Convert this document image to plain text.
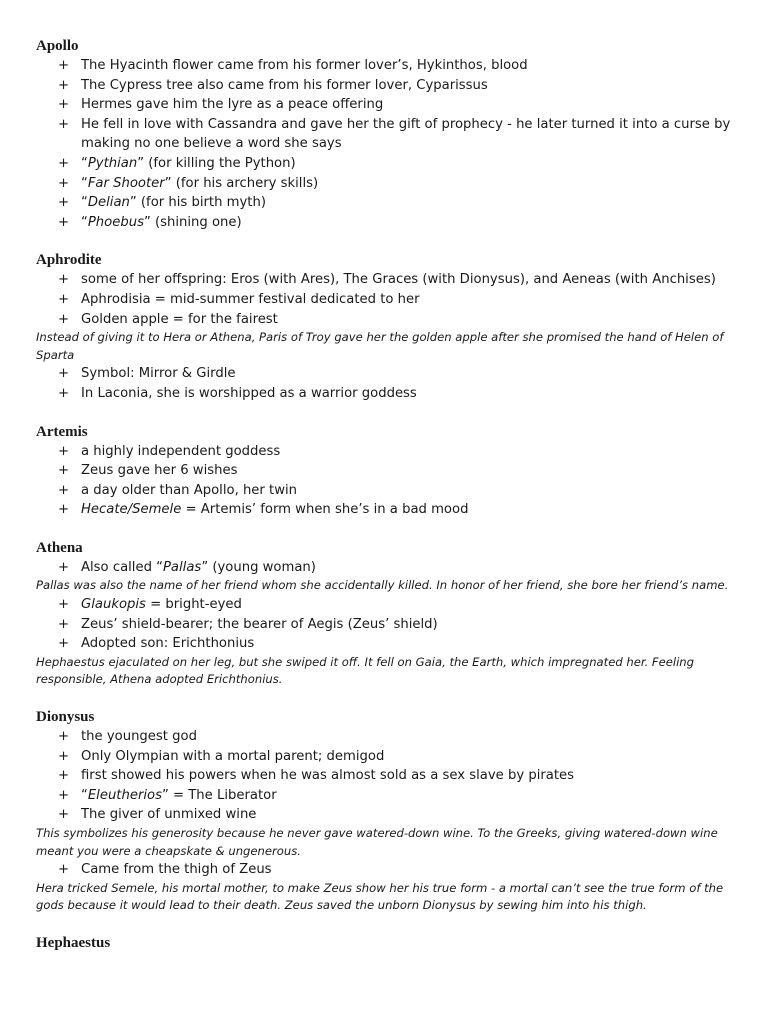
Apollo
+ The Hyacinth flower came from his former lover’s, Hykinthos, blood
+ The Cypress tree also came from his former lover, Cyparissus
+ Hermes gave him the lyre as a peace offering
+ He fell in love with Cassandra and gave her the gift of prophecy - he later turned it into a curse by making no one believe a word she says
+ “Pythian” (for killing the Python)
+ “Far Shooter” (for his archery skills)
+ “Delian” (for his birth myth)
+ “Phoebus” (shining one)
Aphrodite
+ some of her offspring: Eros (with Ares), The Graces (with Dionysus), and Aeneas (with Anchises)
+ Aphrodisia = mid-summer festival dedicated to her
+ Golden apple = for the fairest

Instead of giving it to Hera or Athena, Paris of Troy gave her the golden apple after she promised the hand of Helen of Sparta

+ Symbol: Mirror & Girdle
+ In Laconia, she is worshipped as a warrior goddess
Artemis
+ a highly independent goddess
+ Zeus gave her 6 wishes
+ a day older than Apollo, her twin
+ Hecate/Semele = Artemis’ form when she’s in a bad mood
Athena
+ Also called “Pallas” (young woman)

Pallas was also the name of her friend whom she accidentally killed. In honor of her friend, she bore her friend’s name.

+ Glaukopis = bright-eyed
+ Zeus’ shield-bearer; the bearer of Aegis (Zeus’ shield)
+ Adopted son: Erichthonius

Hephaestus ejaculated on her leg, but she swiped it off. It fell on Gaia, the Earth, which impregnated her. Feeling responsible, Athena adopted Erichthonius.

Dionysus
+ the youngest god
+ Only Olympian with a mortal parent; demigod
+ first showed his powers when he was almost sold as a sex slave by pirates
+ “Eleutherios” = The Liberator
+ The giver of unmixed wine

This symbolizes his generosity because he never gave watered-down wine. To the Greeks, giving watered-down wine meant you were a cheapskate & ungenerous.

+ Came from the thigh of Zeus

Hera tricked Semele, his mortal mother, to make Zeus show her his true form - a mortal can’t see the true form of the gods because it would lead to their death. Zeus saved the unborn Dionysus by sewing him into his thigh.

Hephaestus
